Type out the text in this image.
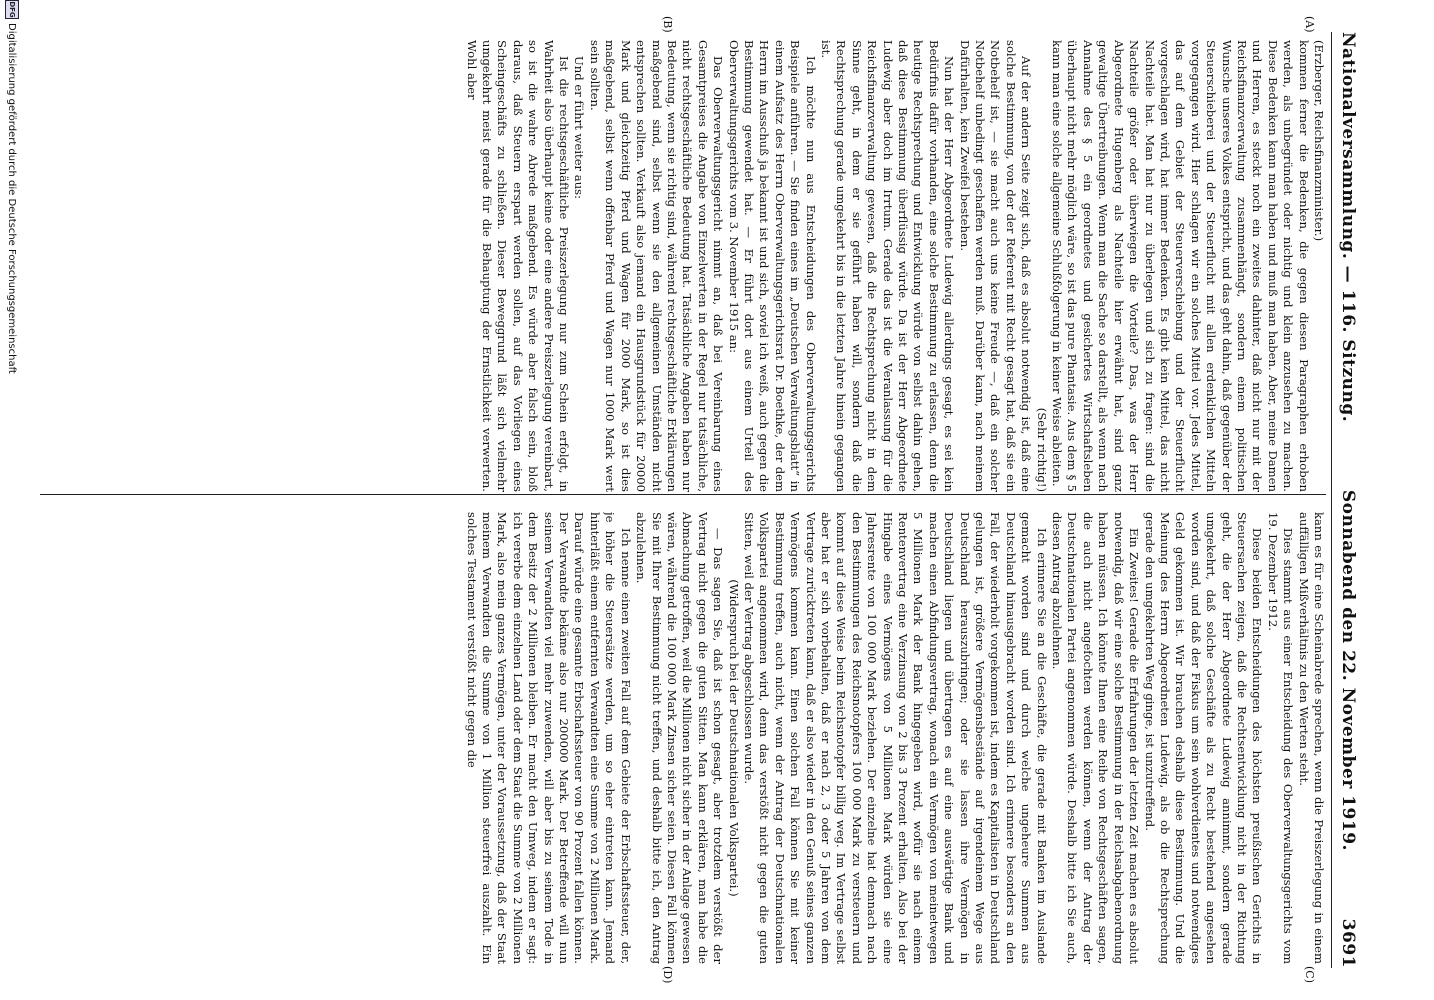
Nationalversammlung. — 116. Sitzung.
Sonnabend den 22. November 1919.
3691
(A)
(B)
(C)
(D)

(Erzberger, Reichsfinanzminister.)

kommen ferner die Bedenken, die gegen diesen Paragraphen erhoben werden, als unbegründet oder nichtig und klein anzusehen zu machen. Diese Bedenken kann man haben und muß man haben. Aber, meine Damen und Herren, es steckt noch ein zweites dahinter, daß nicht nur mit der Reichsfinanzverwaltung zusammenhängt, sondern einem politischen Wunsche unseres Volkes entspricht, und das geht dahin, daß gegenüber der Steuerschieberei und der Steuerflucht mit allen erdenklichen Mitteln vorgegangen wird. Hier schlagen wir ein solches Mittel vor. Jedes Mittel, das auf dem Gebiet der Steuerverschiebung und der Steuerflucht vorgeschlagen wird, hat immer Bedenken. Es gibt kein Mittel, das nicht Nachteile hat. Man hat nur zu überlegen und sich zu fragen: sind die Nachteile größer oder überwiegen die Vorteile? Das, was der Herr Abgeordnete Hugenberg als Nachteile hier erwähnt hat, sind ganz gewaltige Übertreibungen. Wenn man die Sache so darstellt, als wenn nach Annahme des § 5 ein geordnetes und gesichertes Wirtschaftsleben überhaupt nicht mehr möglich wäre, so ist das pure Phantasie. Aus dem § 5 kann man eine solche allgemeine Schlußfolgerung in keiner Weise ableiten.

(Sehr richtig!)

Auf der andern Seite zeigt sich, daß es absolut notwendig ist, daß eine solche Bestimmung, von der der Referent mit Recht gesagt hat, daß sie ein Notbehelf ist, — sie macht auch uns keine Freude —, daß ein solcher Notbehelf unbedingt geschaffen werden muß. Darüber kann, nach meinem Dafürhalten, kein Zweifel bestehen.

Nun hat der Herr Abgeordnete Ludewig allerdings gesagt, es sei kein Bedürfnis dafür vorhanden, eine solche Bestimmung zu erlassen, denn die heutige Rechtsprechung und Entwicklung würde von selbst dahin gehen, daß diese Bestimmung überflüssig würde. Da ist der Herr Abgeordnete Ludewig aber doch im Irrtum. Gerade das ist die Veranlassung für die Reichsfinanzverwaltung gewesen, daß die Rechtsprechung nicht in dem Sinne geht, in dem er sie geführt haben will, sondern daß die Rechtsprechung gerade umgekehrt bis in die letzten Jahre hinein gegangen ist.

Ich möchte nun aus Entscheidungen des Oberverwaltungsgerichts Beispiele anführen. — Sie finden eines im „Deutschen Verwaltungsblatt“ in einem Aufsatz des Herrn Oberverwaltungsgerichtsrat Dr. Boethke, der dem Herrn im Ausschuß ja bekannt ist und sich, soviel ich weiß, auch gegen die Bestimmung gewendet hat. — Er führt dort aus einem Urteil des Oberverwaltungsgerichts vom 3. November 1915 an:

Das Oberverwaltungsgericht nimmt an, daß bei Vereinbarung eines Gesamtpreises die Angabe von Einzelwerten in der Regel nur tatsächliche, nicht rechtsgeschäftliche Bedeutung hat. Tatsächliche Angaben haben nur Bedeutung, wenn sie richtig sind, während rechtsgeschäftliche Erklärungen maßgebend sind, selbst wenn sie den allgemeinen Umständen nicht entsprechen sollten. Verkauft also jemand ein Hausgrundstück für 20000 Mark und gleichzeitig Pferd und Wagen für 2000 Mark, so ist dies maßgebend, selbst wenn offenbar Pferd und Wagen nur 1000 Mark wert sein sollten.

Und er führt weiter aus:

Ist die rechtsgeschäftliche Preiszerlegung nur zum Schein erfolgt, in Wahrheit also überhaupt keine oder eine andere Preiszerlegung vereinbart, so ist die wahre Abrede maßgebend. Es würde aber falsch sein, bloß daraus, daß Steuern erspart werden sollen, auf das Vorliegen eines Scheingeschäfts zu schließen. Dieser Beweggrund läßt sich vielmehr umgekehrt meist gerade für die Behauptung der Ernstlichkeit verwerten. Wohl aber

kann es für eine Scheinabrede sprechen, wenn die Preiszerlegung in einem auffälligen Mißverhältnis zu den Werten steht.

Dies stammt aus einer Entscheidung des Oberverwaltungsgerichts vom 19. Dezember 1912.

Diese beiden Entscheidungen des höchsten preußischen Gerichts in Steuersachen zeigen, daß die Rechtsentwicklung nicht in der Richtung geht, die der Herr Abgeordnete Ludewig annimmt, sondern gerade umgekehrt, daß solche Geschäfte als zu Recht bestehend angesehen worden sind, und daß der Fiskus um sein wohlverdientes und notwendiges Geld gekommen ist. Wir brauchen deshalb diese Bestimmung. Und die Meinung des Herrn Abgeordneten Ludewig, als ob die Rechtsprechung gerade den umgekehrten Weg ginge, ist unzutreffend.

Ein Zweites! Gerade die Erfahrungen der letzten Zeit machen es absolut notwendig, daß wir eine solche Bestimmung in der Reichsabgabenordnung haben müssen. Ich könnte Ihnen eine Reihe von Rechtsgeschäften sagen, die auch nicht angefochten werden können, wenn der Antrag der Deutschnationalen Partei angenommen würde. Deshalb bitte ich Sie auch, diesen Antrag abzulehnen.

Ich erinnere Sie an die Geschäfte, die gerade mit Banken im Auslande gemacht worden sind und durch welche ungeheure Summen aus Deutschland hinausgebracht worden sind. Ich erinnere besonders an den Fall, der wiederholt vorgekommen ist, indem es Kapitalisten in Deutschland gelungen ist, größere Vermögensbestände auf irgendeinem Wege aus Deutschland herauszubringen; oder sie lassen ihre Vermögen in Deutschland liegen und übertragen es auf eine auswärtige Bank und machen einen Abfindungsvertrag, wonach ein Vermögen von meinetwegen 5 Millionen Mark der Bank hingegeben wird, wofür sie nach einem Rentenvertrag eine Verzinsung von 2 bis 3 Prozent erhalten. Also bei der Hingabe eines Vermögens von 5 Millionen Mark würden sie eine Jahresrente von 100 000 Mark beziehen. Der einzelne hat demnach nach den Bestimmungen des Reichsnotopfers 100 000 Mark zu versteuern und kommt auf diese Weise beim Reichsnotopfer billig weg. Im Vertrage selbst aber hat er sich vorbehalten, daß er nach 2, 3 oder 5 Jahren von dem Vertrage zurücktreten kann, daß er also wieder in den Genuß seines ganzen Vermögens kommen kann. Einen solchen Fall können Sie mit keiner Bestimmung treffen, auch nicht, wenn der Antrag der Deutschnationalen Volkspartei angenommen wird, denn das verstößt nicht gegen die guten Sitten, weil der Vertrag abgeschlossen wurde.

(Widerspruch bei der Deutschnationalen Volkspartei.)

— Das sagen Sie, daß ist schon gesagt, aber trotzdem verstößt der Vertrag nicht gegen die guten Sitten. Man kann erklären, man habe die Abmachung getroffen, weil die Millionen nicht sicher in der Anlage gewesen wären, während die 100 000 Mark Zinsen sicher seien. Diesen Fall können Sie mit Ihrer Bestimmung nicht treffen, und deshalb bitte ich, den Antrag abzulehnen.

Ich nenne einen zweiten Fall auf dem Gebiete der Erbschaftssteuer, der, je höher die Steuersätze werden, um so eher eintreten kann. Jemand hinterläßt einem entfernten Verwandten eine Summe von 2 Millionen Mark. Darauf würde eine gesamte Erbschaftssteuer von 90 Prozent fallen können. Der Verwandte bekäme also nur 200000 Mark. Der Betreffende will nun seinem Verwandten viel mehr zuwenden, will aber bis zu seinem Tode in dem Besitz der 2 Millionen bleiben. Er macht den Umweg, indem er sagt: ich vererbe dem einzelnen Land oder dem Staat die Summe von 2 Millionen Mark, also mein ganzes Vermögen, unter der Voraussetzung, daß der Staat meinem Verwandten die Summe von 1 Million steuerfrei auszahlt. Ein solches Testament verstößt nicht gegen die

DFG
Digitalisierung gefördert durch die Deutsche Forschungsgemeinschaft
